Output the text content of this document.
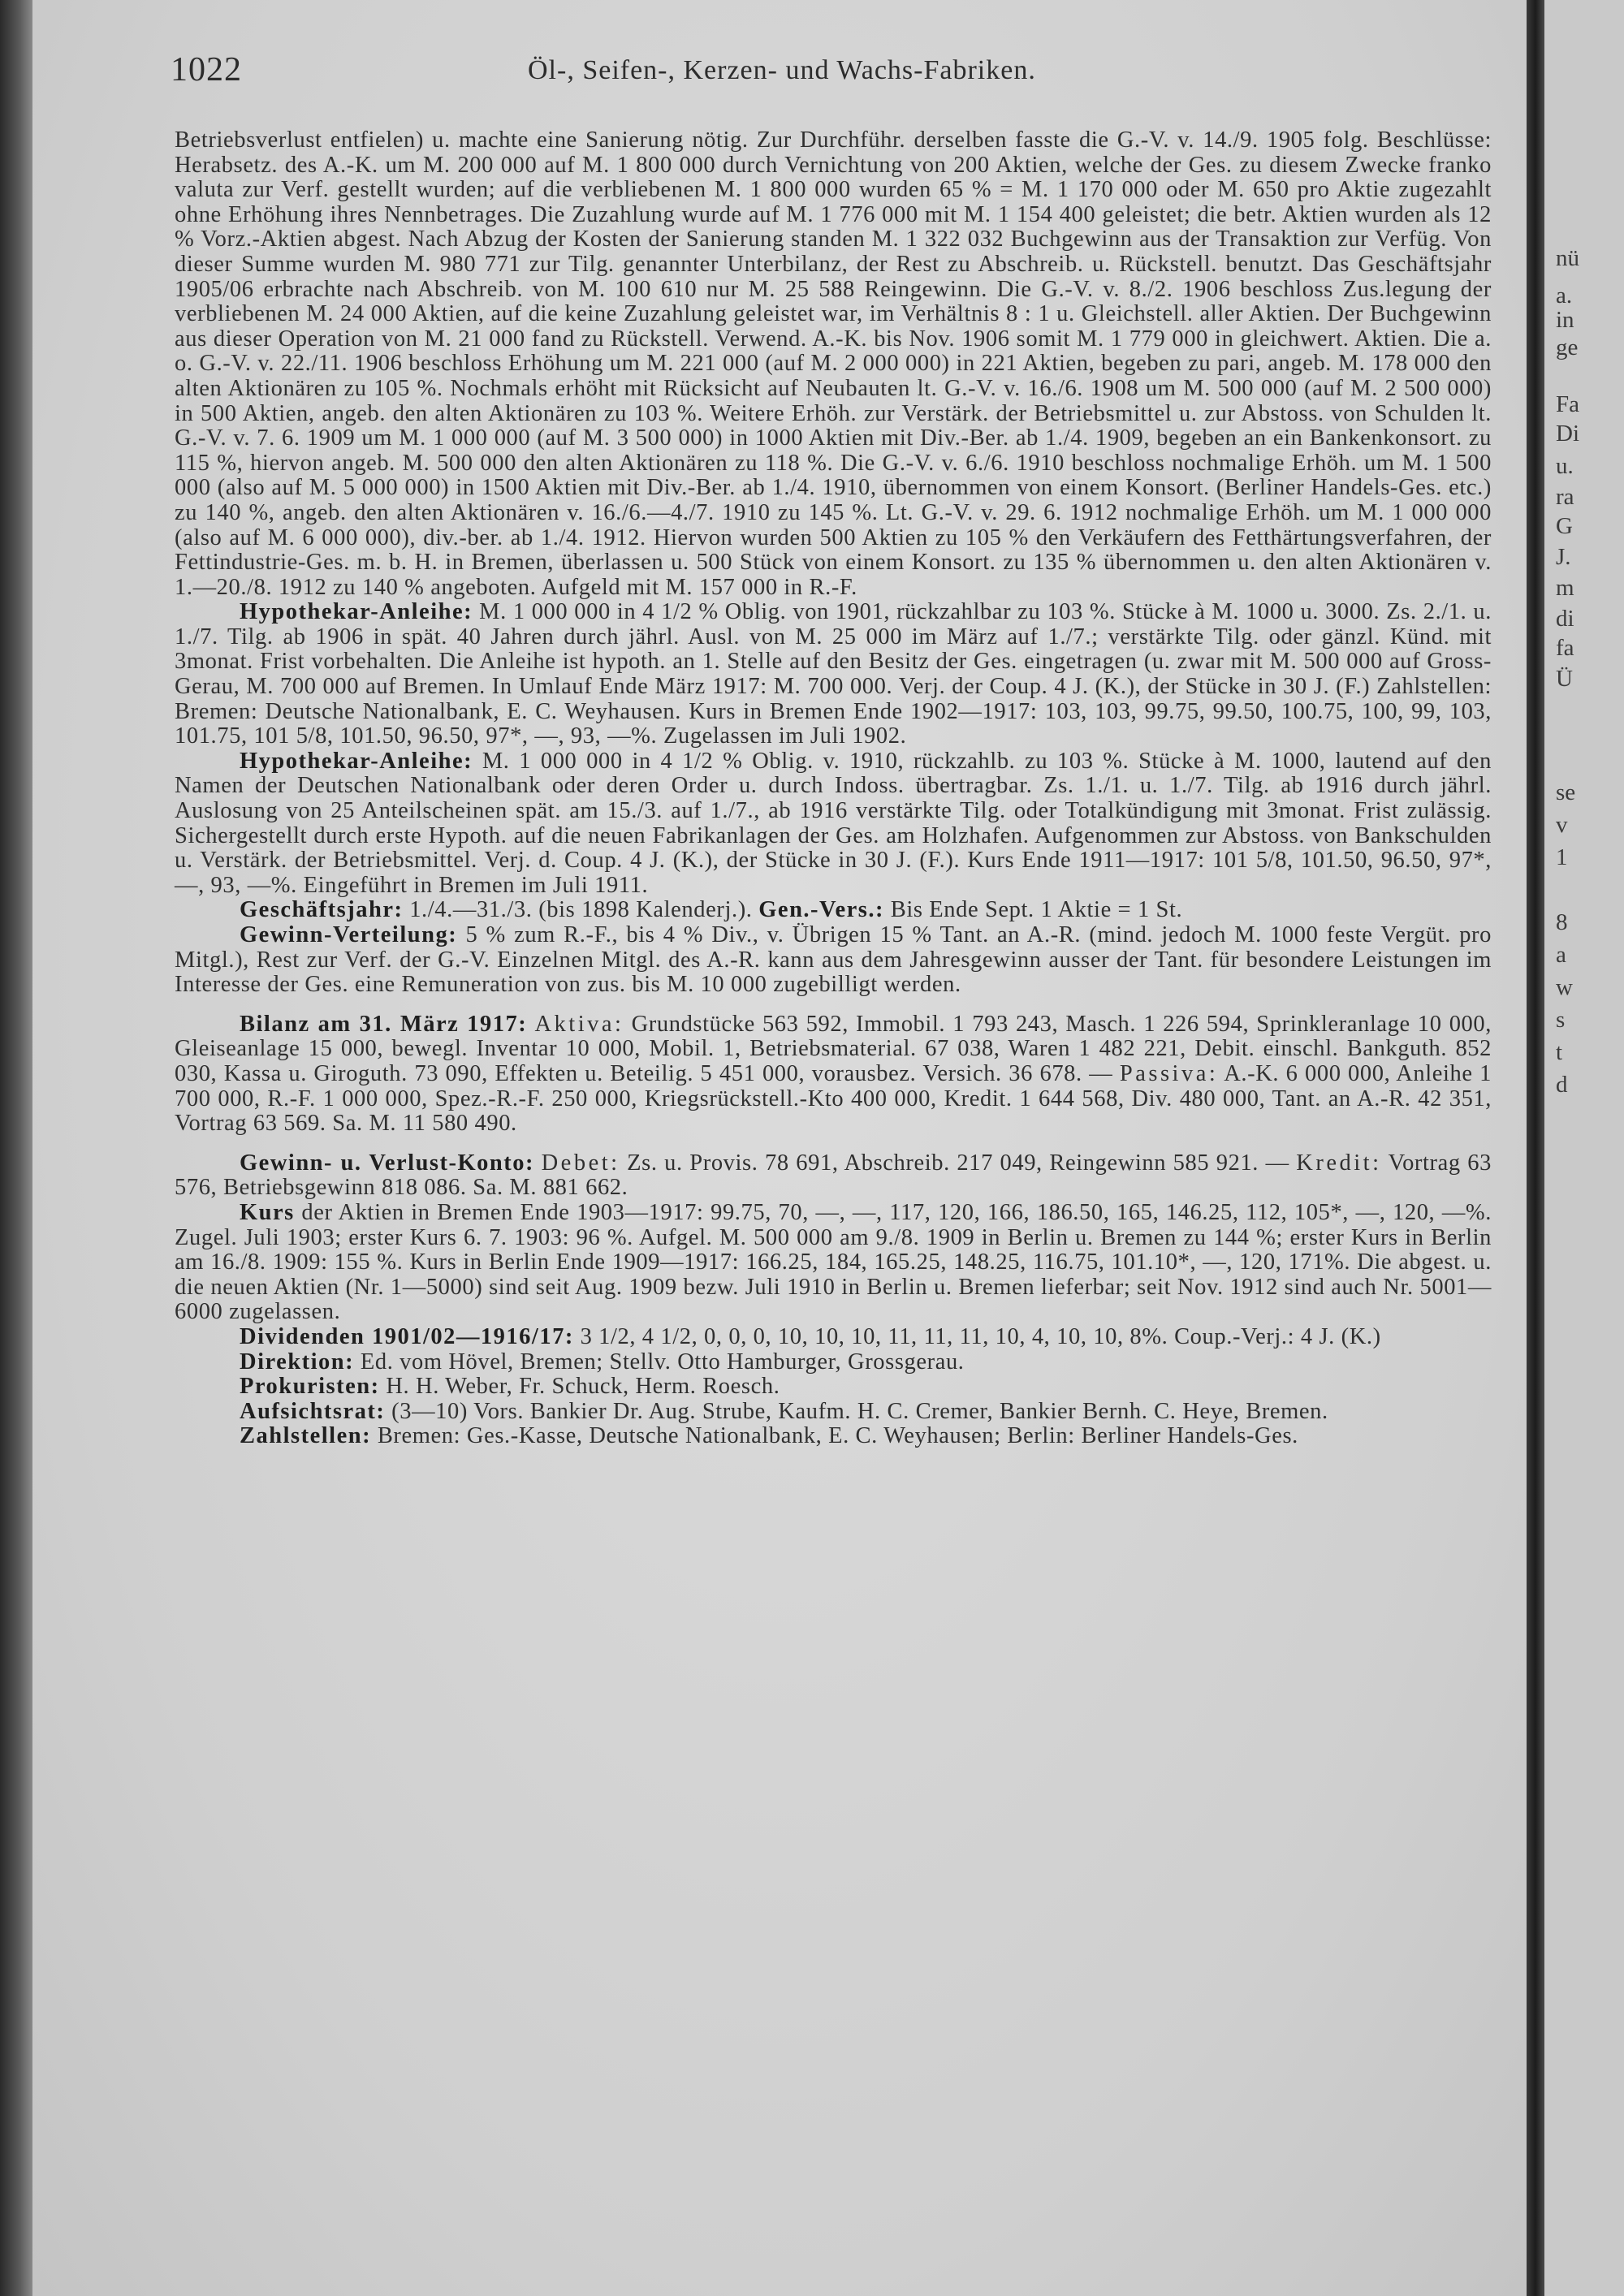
1022	Öl-, Seifen-, Kerzen- und Wachs-Fabriken.

Betriebsverlust entfielen) u. machte eine Sanierung nötig. Zur Durchführ. derselben fasste die G.-V. v. 14./9. 1905 folg. Beschlüsse: Herabsetz. des A.-K. um M. 200 000 auf M. 1 800 000 durch Vernichtung von 200 Aktien, welche der Ges. zu diesem Zwecke franko valuta zur Verf. gestellt wurden; auf die verbliebenen M. 1 800 000 wurden 65 % = M. 1 170 000 oder M. 650 pro Aktie zugezahlt ohne Erhöhung ihres Nennbetrages. Die Zuzahlung wurde auf M. 1 776 000 mit M. 1 154 400 geleistet; die betr. Aktien wurden als 12 % Vorz.-Aktien abgest. Nach Abzug der Kosten der Sanierung standen M. 1 322 032 Buchgewinn aus der Transaktion zur Verfüg. Von dieser Summe wurden M. 980 771 zur Tilg. genannter Unterbilanz, der Rest zu Abschreib. u. Rückstell. benutzt. Das Geschäftsjahr 1905/06 erbrachte nach Abschreib. von M. 100 610 nur M. 25 588 Reingewinn. Die G.-V. v. 8./2. 1906 beschloss Zus.legung der verbliebenen M. 24 000 Aktien, auf die keine Zuzahlung geleistet war, im Verhältnis 8 : 1 u. Gleichstell. aller Aktien. Der Buchgewinn aus dieser Operation von M. 21 000 fand zu Rückstell. Verwend. A.-K. bis Nov. 1906 somit M. 1 779 000 in gleichwert. Aktien. Die a. o. G.-V. v. 22./11. 1906 beschloss Erhöhung um M. 221 000 (auf M. 2 000 000) in 221 Aktien, begeben zu pari, angeb. M. 178 000 den alten Aktionären zu 105 %. Nochmals erhöht mit Rücksicht auf Neubauten lt. G.-V. v. 16./6. 1908 um M. 500 000 (auf M. 2 500 000) in 500 Aktien, angeb. den alten Aktionären zu 103 %. Weitere Erhöh. zur Verstärk. der Betriebsmittel u. zur Abstoss. von Schulden lt. G.-V. v. 7. 6. 1909 um M. 1 000 000 (auf M. 3 500 000) in 1000 Aktien mit Div.-Ber. ab 1./4. 1909, begeben an ein Bankenkonsort. zu 115 %, hiervon angeb. M. 500 000 den alten Aktionären zu 118 %. Die G.-V. v. 6./6. 1910 beschloss nochmalige Erhöh. um M. 1 500 000 (also auf M. 5 000 000) in 1500 Aktien mit Div.-Ber. ab 1./4. 1910, übernommen von einem Konsort. (Berliner Handels-Ges. etc.) zu 140 %, angeb. den alten Aktionären v. 16./6.—4./7. 1910 zu 145 %. Lt. G.-V. v. 29. 6. 1912 nochmalige Erhöh. um M. 1 000 000 (also auf M. 6 000 000), div.-ber. ab 1./4. 1912. Hiervon wurden 500 Aktien zu 105 % den Verkäufern des Fetthärtungsverfahren, der Fettindustrie-Ges. m. b. H. in Bremen, überlassen u. 500 Stück von einem Konsort. zu 135 % übernommen u. den alten Aktionären v. 1.—20./8. 1912 zu 140 % angeboten. Aufgeld mit M. 157 000 in R.-F.

Hypothekar-Anleihe: M. 1 000 000 in 4 1/2 % Oblig. von 1901, rückzahlbar zu 103 %. Stücke à M. 1000 u. 3000. Zs. 2./1. u. 1./7. Tilg. ab 1906 in spät. 40 Jahren durch jährl. Ausl. von M. 25 000 im März auf 1./7.; verstärkte Tilg. oder gänzl. Künd. mit 3monat. Frist vorbehalten. Die Anleihe ist hypoth. an 1. Stelle auf den Besitz der Ges. eingetragen (u. zwar mit M. 500 000 auf Gross-Gerau, M. 700 000 auf Bremen. In Umlauf Ende März 1917: M. 700 000. Verj. der Coup. 4 J. (K.), der Stücke in 30 J. (F.) Zahlstellen: Bremen: Deutsche Nationalbank, E. C. Weyhausen. Kurs in Bremen Ende 1902—1917: 103, 103, 99.75, 99.50, 100.75, 100, 99, 103, 101.75, 101 5/8, 101.50, 96.50, 97*, —, 93, —%. Zugelassen im Juli 1902.

Hypothekar-Anleihe: M. 1 000 000 in 4 1/2 % Oblig. v. 1910, rückzahlb. zu 103 %. Stücke à M. 1000, lautend auf den Namen der Deutschen Nationalbank oder deren Order u. durch Indoss. übertragbar. Zs. 1./1. u. 1./7. Tilg. ab 1916 durch jährl. Auslosung von 25 Anteilscheinen spät. am 15./3. auf 1./7., ab 1916 verstärkte Tilg. oder Totalkündigung mit 3monat. Frist zulässig. Sichergestellt durch erste Hypoth. auf die neuen Fabrikanlagen der Ges. am Holzhafen. Aufgenommen zur Abstoss. von Bankschulden u. Verstärk. der Betriebsmittel. Verj. d. Coup. 4 J. (K.), der Stücke in 30 J. (F.). Kurs Ende 1911—1917: 101 5/8, 101.50, 96.50, 97*, —, 93, —%. Eingeführt in Bremen im Juli 1911.

Geschäftsjahr: 1./4.—31./3. (bis 1898 Kalenderj.). Gen.-Vers.: Bis Ende Sept. 1 Aktie = 1 St.

Gewinn-Verteilung: 5 % zum R.-F., bis 4 % Div., v. Übrigen 15 % Tant. an A.-R. (mind. jedoch M. 1000 feste Vergüt. pro Mitgl.), Rest zur Verf. der G.-V. Einzelnen Mitgl. des A.-R. kann aus dem Jahresgewinn ausser der Tant. für besondere Leistungen im Interesse der Ges. eine Remuneration von zus. bis M. 10 000 zugebilligt werden.

Bilanz am 31. März 1917: Aktiva: Grundstücke 563 592, Immobil. 1 793 243, Masch. 1 226 594, Sprinkleranlage 10 000, Gleiseanlage 15 000, bewegl. Inventar 10 000, Mobil. 1, Betriebsmaterial. 67 038, Waren 1 482 221, Debit. einschl. Bankguth. 852 030, Kassa u. Giroguth. 73 090, Effekten u. Beteilig. 5 451 000, vorausbez. Versich. 36 678. — Passiva: A.-K. 6 000 000, Anleihe 1 700 000, R.-F. 1 000 000, Spez.-R.-F. 250 000, Kriegsrückstell.-Kto 400 000, Kredit. 1 644 568, Div. 480 000, Tant. an A.-R. 42 351, Vortrag 63 569. Sa. M. 11 580 490.

Gewinn- u. Verlust-Konto: Debet: Zs. u. Provis. 78 691, Abschreib. 217 049, Reingewinn 585 921. — Kredit: Vortrag 63 576, Betriebsgewinn 818 086. Sa. M. 881 662.

Kurs der Aktien in Bremen Ende 1903—1917: 99.75, 70, —, —, 117, 120, 166, 186.50, 165, 146.25, 112, 105*, —, 120, —%. Zugel. Juli 1903; erster Kurs 6. 7. 1903: 96 %. Aufgel. M. 500 000 am 9./8. 1909 in Berlin u. Bremen zu 144 %; erster Kurs in Berlin am 16./8. 1909: 155 %. Kurs in Berlin Ende 1909—1917: 166.25, 184, 165.25, 148.25, 116.75, 101.10*, —, 120, 171%. Die abgest. u. die neuen Aktien (Nr. 1—5000) sind seit Aug. 1909 bezw. Juli 1910 in Berlin u. Bremen lieferbar; seit Nov. 1912 sind auch Nr. 5001—6000 zugelassen.

Dividenden 1901/02—1916/17: 3 1/2, 4 1/2, 0, 0, 0, 10, 10, 10, 11, 11, 11, 10, 4, 10, 10, 8%. Coup.-Verj.: 4 J. (K.)

Direktion: Ed. vom Hövel, Bremen; Stellv. Otto Hamburger, Grossgerau.

Prokuristen: H. H. Weber, Fr. Schuck, Herm. Roesch.

Aufsichtsrat: (3—10) Vors. Bankier Dr. Aug. Strube, Kaufm. H. C. Cremer, Bankier Bernh. C. Heye, Bremen.

Zahlstellen: Bremen: Ges.-Kasse, Deutsche Nationalbank, E. C. Weyhausen; Berlin: Berliner Handels-Ges.

nü
a.
in
ge
Fa
Di
u.
ra
G
J.
m
di
fa
Ü
se
v
1
8
a
w
s
t
d
